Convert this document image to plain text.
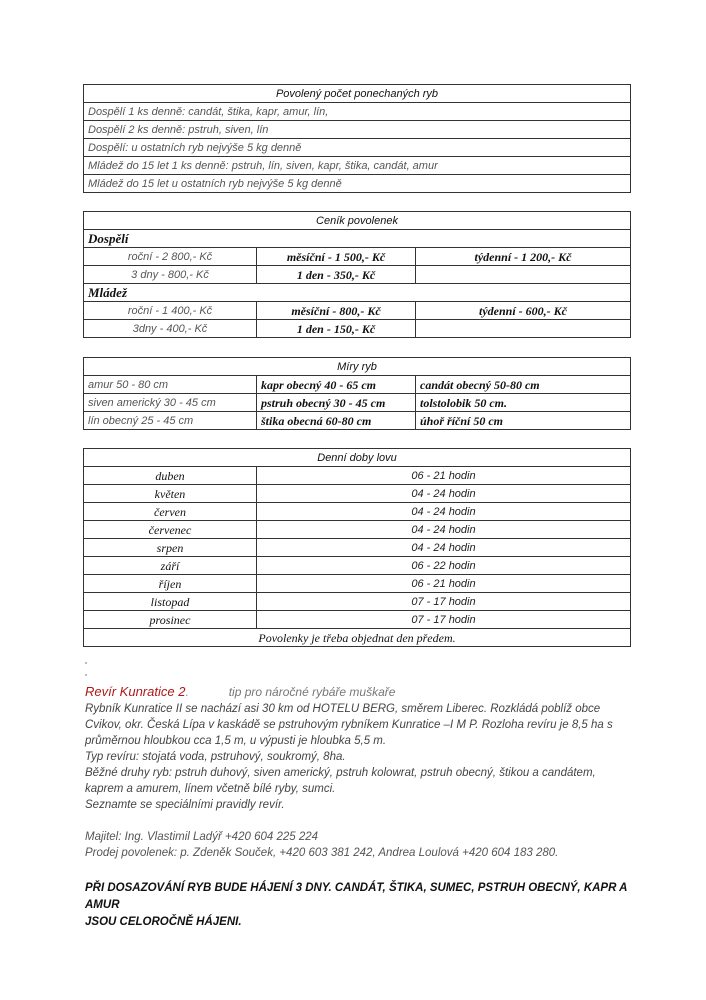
Povolený počet ponechaných ryb
Dospělí 1 ks denně: candát, štika, kapr, amur, lín,
Dospělí 2 ks denně: pstruh, siven, lín
Dospělí: u ostatních ryb nejvýše 5 kg denně
Mládež do 15 let 1 ks denně: pstruh, lín, siven, kapr, štika, candát, amur
Mládež do 15 let u ostatních ryb nejvýše 5 kg denně
Ceník povolenek		
Dospělí		
roční - 2 800,- Kč	měsíční - 1 500,- Kč	týdenní - 1 200,- Kč
3 dny - 800,- Kč	1 den - 350,- Kč	
Mládež		
roční - 1 400,- Kč	měsíční - 800,- Kč	týdenní - 600,- Kč
3dny - 400,- Kč	1 den - 150,- Kč	
Míry ryb		
amur 50 - 80 cm	kapr obecný 40 - 65 cm	candát obecný 50-80 cm
siven americký 30 - 45 cm	pstruh obecný 30 - 45 cm	tolstolobik 50 cm.
lín obecný 25 - 45 cm	štika obecná 60-80 cm	úhoř říční 50 cm
Denní doby lovu	
duben	06 - 21 hodin
květen	04 - 24 hodin
červen	04 - 24 hodin
červenec	04 - 24 hodin
srpen	04 - 24 hodin
září	06 - 22 hodin
říjen	06 - 21 hodin
listopad	07 - 17 hodin
prosinec	07 - 17 hodin
Povolenky je třeba objednat den předem.	
Revír Kunratice 2.	tip pro náročné rybáře muškaře
Rybník Kunratice II se nachází asi 30 km od HOTELU BERG, směrem Liberec. Rozkládá poblíž obce
Cvikov, okr. Česká Lípa v kaskádě se pstruhovým rybníkem Kunratice –I M P. Rozloha revíru je 8,5 ha s
průměrnou hloubkou cca 1,5 m, u výpusti je hloubka 5,5 m.
Typ revíru: stojatá voda, pstruhový, soukromý, 8ha.
Běžné druhy ryb: pstruh duhový, siven americký, pstruh kolowrat, pstruh obecný, štikou a candátem,
kaprem a amurem, línem včetně bílé ryby, sumci.
Seznamte se speciálními pravidly revír.
Majitel: Ing. Vlastimil Ladýř +420 604 225 224
Prodej povolenek: p. Zdeněk Souček, +420 603 381 242, Andrea Loulová +420 604 183 280.
PŘI DOSAZOVÁNÍ RYB BUDE HÁJENÍ 3 DNY. CANDÁT, ŠTIKA, SUMEC, PSTRUH OBECNÝ, KAPR A AMUR
JSOU CELOROČNĚ HÁJENI.
